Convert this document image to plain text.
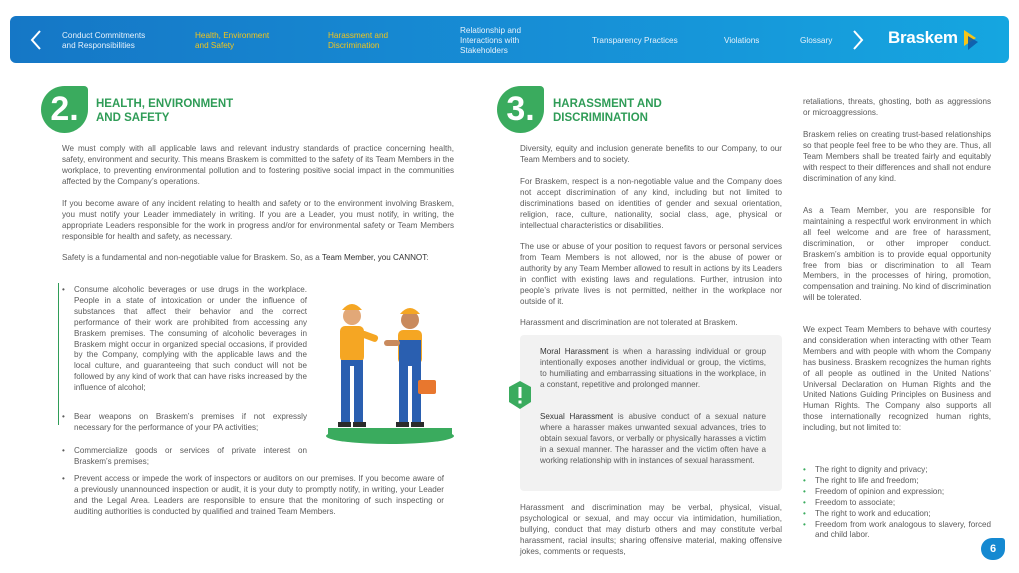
Conduct Commitments
and Responsibilities
Health, Environment
and Safety
Harassment and
Discrimination
Relationship and
Interactions with
Stakeholders
Transparency Practices	Violations	Glossary	Braskem
2.	HEALTH, ENVIRONMENT
AND SAFETY

We must comply with all applicable laws and relevant industry standards of practice concerning health, safety, environment and security. This means Braskem is committed to the safety of its Team Members in the workplace, to preventing environmental pollution and to fostering positive social impact in the communities affected by the Company’s operations.

If you become aware of any incident relating to health and safety or to the environment involving Braskem, you must notify your Leader immediately in writing. If you are a Leader, you must notify, in writing, the appropriate Leaders responsible for the work in progress and/or for environmental safety or Team Members responsible for health and safety, as necessary.

Safety is a fundamental and non-negotiable value for Braskem. So, as a Team Member, you CANNOT:

• Consume alcoholic beverages or use drugs in the workplace. People in a state of intoxication or under the influence of substances that affect their behavior and the correct performance of their work are prohibited from accessing any Braskem premises. The consuming of alcoholic beverages in Braskem might occur in organized special occasions, if provided by the Company, complying with the applicable laws and the local culture, and guaranteeing that such conduct will not be followed by any kind of work that can have risks increased by the influence of alcohol;
• Bear weapons on Braskem’s premises if not expressly necessary for the performance of your PA activities;
• Commercialize goods or services of private interest on Braskem’s premises;
• Prevent access or impede the work of inspectors or auditors on our premises. If you become aware of a previously unannounced inspection or audit, it is your duty to promptly notify, in writing, your Leader and the Legal Area. Leaders are responsible to ensure that the monitoring of such inspecting or auditing authorities is conducted by qualified and trained Team Members.
3.	HARASSMENT AND
DISCRIMINATION

Diversity, equity and inclusion generate benefits to our Company, to our Team Members and to society.

For Braskem, respect is a non-negotiable value and the Company does not accept discrimination of any kind, including but not limited to discriminations based on identities of gender and sexual orientation, religion, race, culture, nationality, social class, age, physical or intellectual characteristics or disabilities.

The use or abuse of your position to request favors or personal services from Team Members is not allowed, nor is the abuse of power or authority by any Team Member allowed to result in actions by its Leaders in conflict with existing laws and regulations. Further, intrusion into people’s private lives is not permitted, neither in the workplace nor outside of it.

Harassment and discrimination are not tolerated at Braskem.

Moral Harassment is when a harassing individual or group intentionally exposes another individual or group, the victims, to humiliating and embarrassing situations in the workplace, in a constant, repetitive and prolonged manner.

Sexual Harassment is abusive conduct of a sexual nature where a harasser makes unwanted sexual advances, tries to obtain sexual favors, or verbally or physically harasses a victim in a sexual manner. The harasser and the victim often have a working relationship with in instances of sexual harassment.

Harassment and discrimination may be verbal, physical, visual, psychological or sexual, and may occur via intimidation, humiliation, bullying, conduct that may disturb others and may constitute verbal harassment, racial insults; sharing offensive material, making offensive jokes, comments or requests,

retaliations, threats, ghosting, both as aggressions or microaggressions.

Braskem relies on creating trust-based relationships so that people feel free to be who they are. Thus, all Team Members shall be treated fairly and equitably with respect to their differences and shall not endure discrimination of any kind.

As a Team Member, you are responsible for maintaining a respectful work environment in which all feel welcome and are free of harassment, discrimination, or other improper conduct. Braskem’s ambition is to provide equal opportunity free from bias or discrimination to all Team Members, in the processes of hiring, promotion, compensation and training. No kind of discrimination will be tolerated.

We expect Team Members to behave with courtesy and consideration when interacting with other Team Members and with people with whom the Company has business. Braskem recognizes the human rights of all people as outlined in the United Nations’ Universal Declaration on Human Rights and the United Nations Guiding Principles on Business and Human Rights. The Company also supports all those internationally recognized human rights, including, but not limited to:

• The right to dignity and privacy;
• The right to life and freedom;
• Freedom of opinion and expression;
• Freedom to associate;
• The right to work and education;
• Freedom from work analogous to slavery, forced and child labor.
6
